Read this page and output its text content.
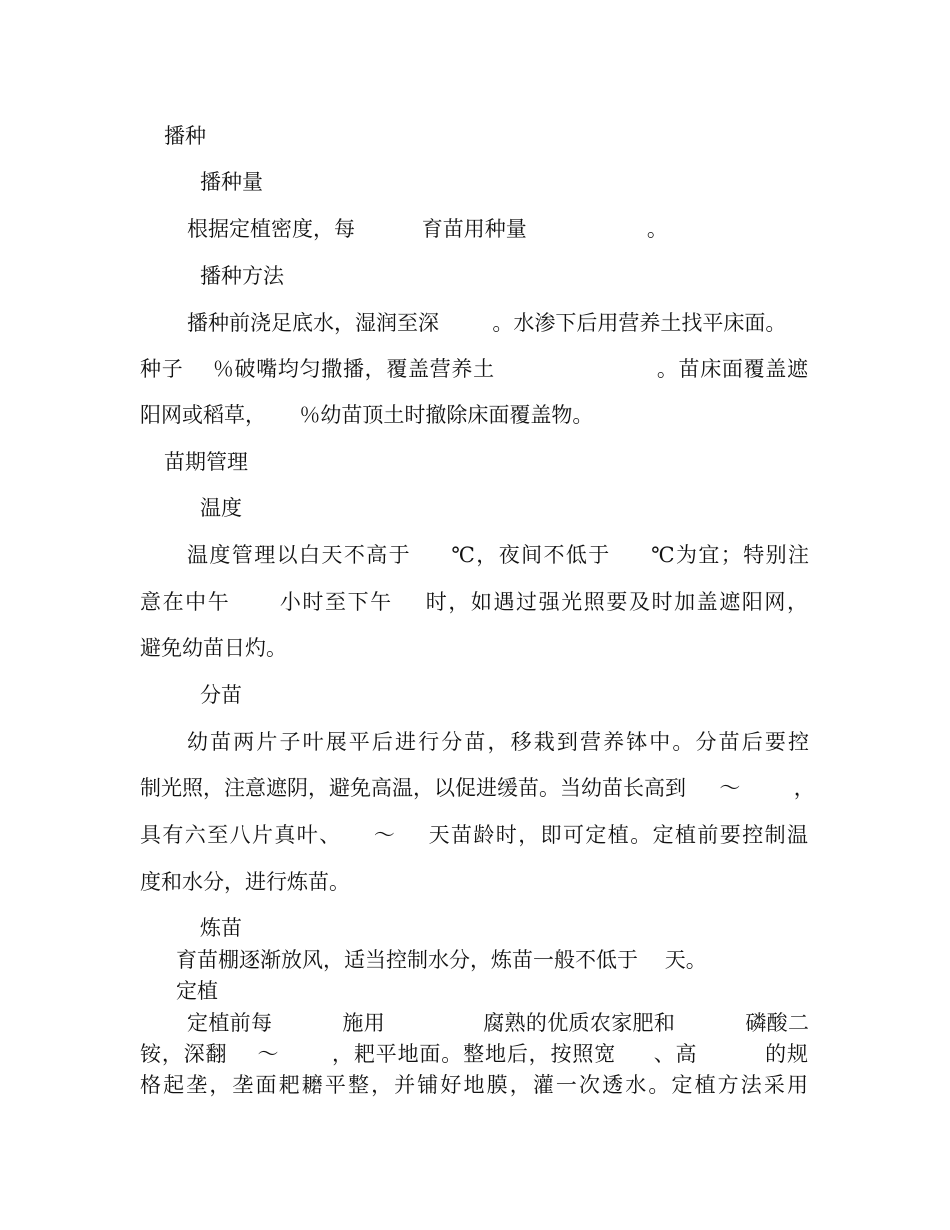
播种
播种量
根据定植密度，每          育苗用种量                  。
播种方法
播种前浇足底水，湿润至深        。水渗下后用营养土找平床面。
种子    ％破嘴均匀撒播，覆盖营养土                      。苗床面覆盖遮
阳网或稻草，     ％幼苗顶土时撤除床面覆盖物。
苗期管理
温度
温度管理以白天不高于     ℃，夜间不低于     ℃为宜；特别注
意在中午      小时至下午    时，如遇过强光照要及时加盖遮阳网，
避免幼苗日灼。
分苗
幼苗两片子叶展平后进行分苗，移栽到营养钵中。分苗后要控
制光照，注意遮阴，避免高温，以促进缓苗。当幼苗长高到     ～        ，
具有六至八片真叶、    ～    天苗龄时，即可定植。定植前要控制温
度和水分，进行炼苗。
炼苗
育苗棚逐渐放风，适当控制水分，炼苗一般不低于    天。
定植
定植前每          施用              腐熟的优质农家肥和          磷酸二
铵，深翻    ～       ，耙平地面。整地后，按照宽     、高         的规
格起垄，垄面耙耱平整，并铺好地膜，灌一次透水。定植方法采用
